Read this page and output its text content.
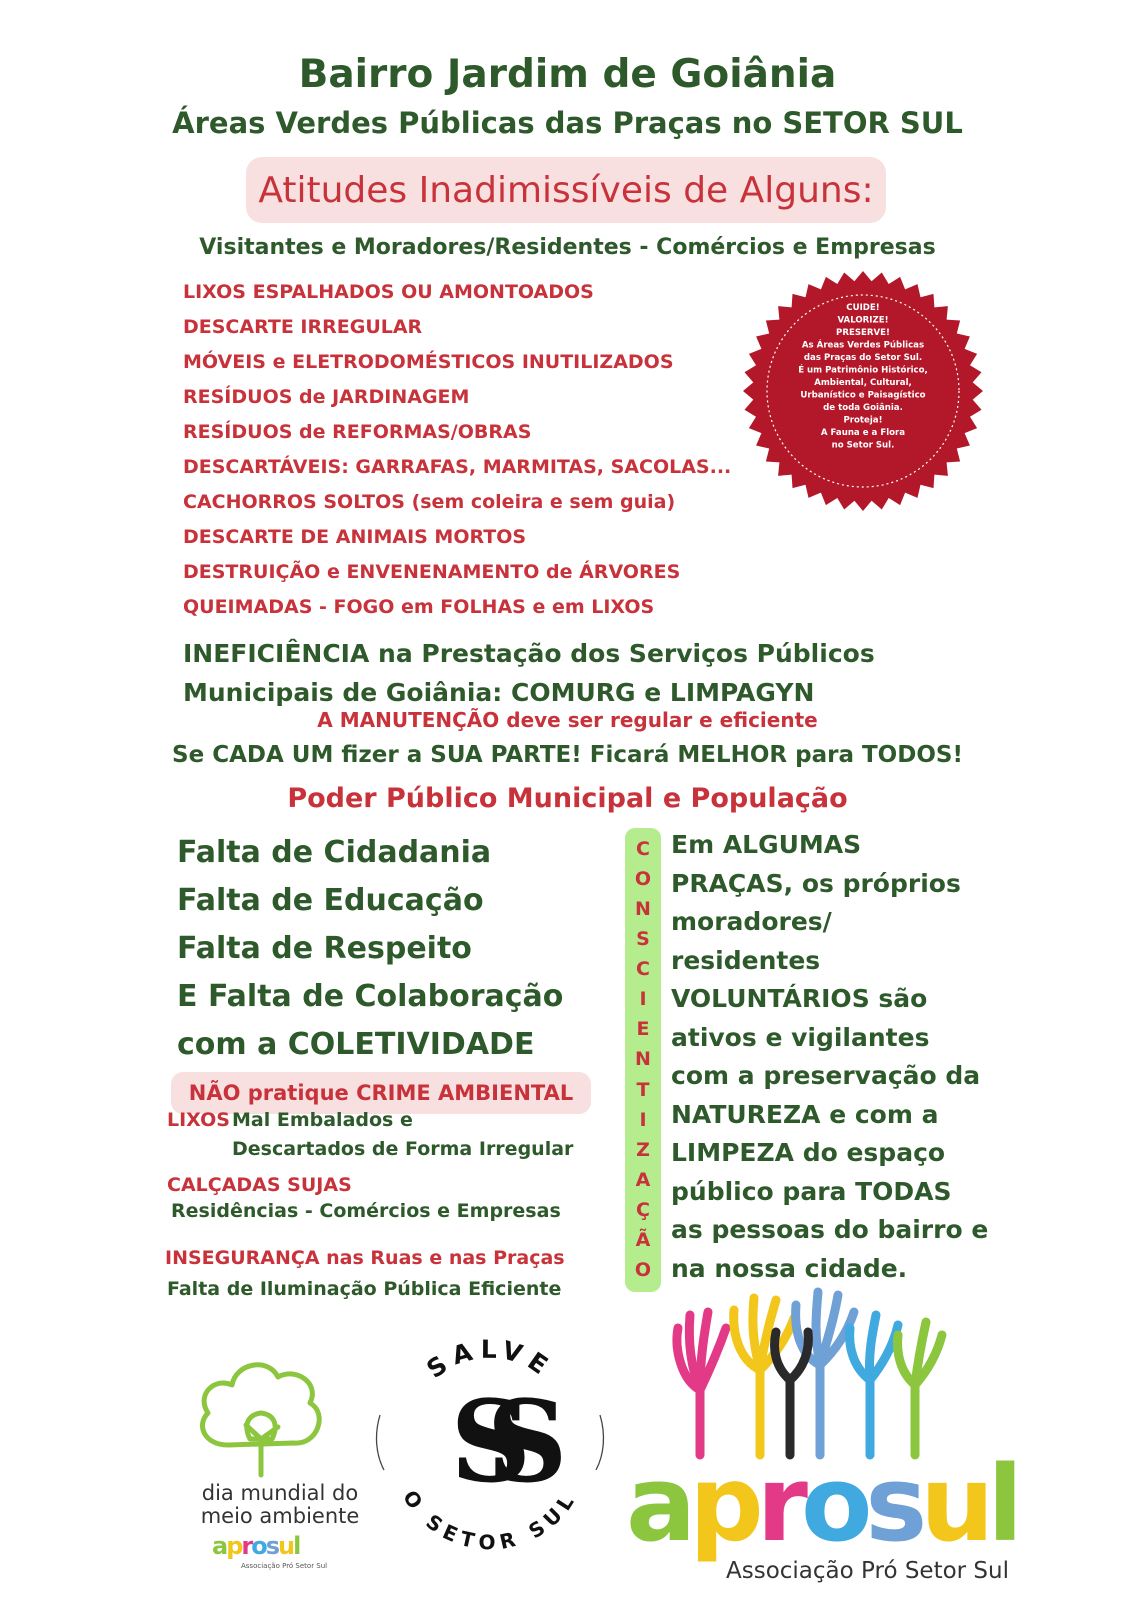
Bairro Jardim de Goiânia
Áreas Verdes Públicas das Praças no SETOR SUL
Atitudes Inadimissíveis de Alguns:
Visitantes e Moradores/Residentes - Comércios e Empresas
LIXOS ESPALHADOS OU AMONTOADOS
DESCARTE IRREGULAR
MÓVEIS e ELETRODOMÉSTICOS INUTILIZADOS
RESÍDUOS de JARDINAGEM
RESÍDUOS de REFORMAS/OBRAS
DESCARTÁVEIS: GARRAFAS, MARMITAS, SACOLAS...
CACHORROS SOLTOS (sem coleira e sem guia)
DESCARTE DE ANIMAIS MORTOS
DESTRUIÇÃO e ENVENENAMENTO de ÁRVORES
QUEIMADAS - FOGO em FOLHAS e em LIXOS
CUIDE!
VALORIZE!
PRESERVE!
As Áreas Verdes Públicas
das Praças do Setor Sul.
É um Patrimônio Histórico,
Ambiental, Cultural,
Urbanístico e Paisagístico
de toda Goiânia.
Proteja!
A Fauna e a Flora
no Setor Sul.
INEFICIÊNCIA na Prestação dos Serviços Públicos
Municipais de Goiânia: COMURG e LIMPAGYN
A MANUTENÇÃO deve ser regular e eficiente
Se CADA UM fizer a SUA PARTE! Ficará MELHOR para TODOS!
Poder Público Municipal e População
Falta de Cidadania
Falta de Educação
Falta de Respeito
E Falta de Colaboração
com a COLETIVIDADE
NÃO pratique CRIME AMBIENTAL
LIXOS Mal Embalados e
Descartados de Forma Irregular
CALÇADAS SUJAS
Residências - Comércios e Empresas
INSEGURANÇA nas Ruas e nas Praças
Falta de Iluminação Pública Eficiente
C
O
N
S
C
I
E
N
T
I
Z
A
Ç
Ã
O
Em ALGUMAS
PRAÇAS, os próprios
moradores/
residentes
VOLUNTÁRIOS são
ativos e vigilantes
com a preservação da
NATUREZA e com a
LIMPEZA do espaço
público para TODAS
as pessoas do bairro e
na nossa cidade.
dia mundial do
meio ambiente
aprosul
Associação Pró Setor Sul
SALVE
SS
O SETOR SUL aprosul
Associação Pró Setor Sul
